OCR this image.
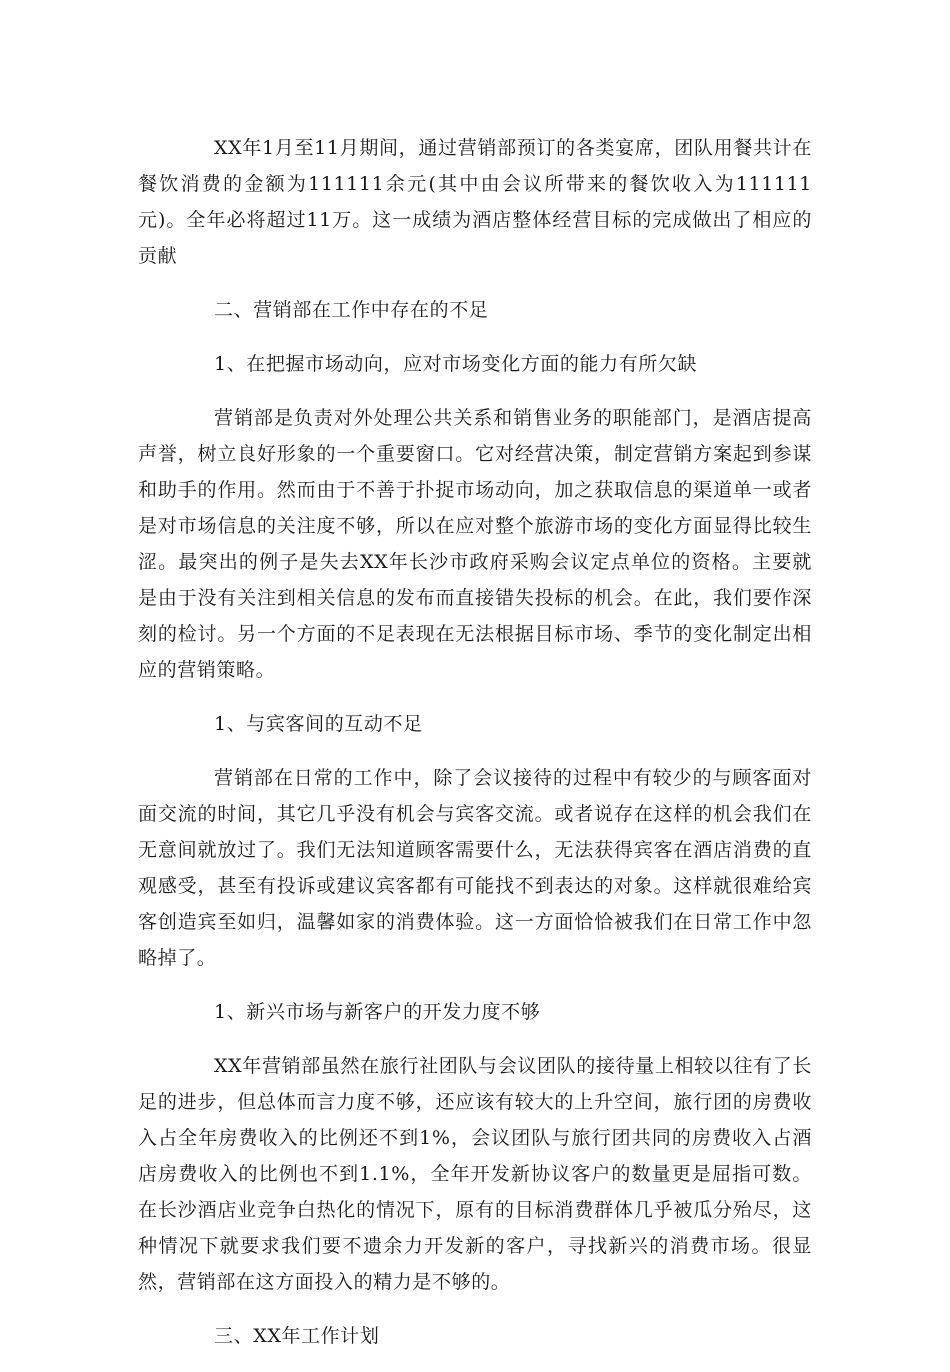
XX年1月至11月期间，通过营销部预订的各类宴席，团队用餐共计在餐饮消费的金额为111111余元(其中由会议所带来的餐饮收入为111111元)。全年必将超过11万。这一成绩为酒店整体经营目标的完成做出了相应的贡献

二、营销部在工作中存在的不足

1、在把握市场动向，应对市场变化方面的能力有所欠缺

营销部是负责对外处理公共关系和销售业务的职能部门，是酒店提高声誉，树立良好形象的一个重要窗口。它对经营决策，制定营销方案起到参谋和助手的作用。然而由于不善于扑捉市场动向，加之获取信息的渠道单一或者是对市场信息的关注度不够，所以在应对整个旅游市场的变化方面显得比较生涩。最突出的例子是失去XX年长沙市政府采购会议定点单位的资格。主要就是由于没有关注到相关信息的发布而直接错失投标的机会。在此，我们要作深刻的检讨。另一个方面的不足表现在无法根据目标市场、季节的变化制定出相应的营销策略。

1、与宾客间的互动不足

营销部在日常的工作中，除了会议接待的过程中有较少的与顾客面对面交流的时间，其它几乎没有机会与宾客交流。或者说存在这样的机会我们在无意间就放过了。我们无法知道顾客需要什么，无法获得宾客在酒店消费的直观感受，甚至有投诉或建议宾客都有可能找不到表达的对象。这样就很难给宾客创造宾至如归，温馨如家的消费体验。这一方面恰恰被我们在日常工作中忽略掉了。

1、新兴市场与新客户的开发力度不够

XX年营销部虽然在旅行社团队与会议团队的接待量上相较以往有了长足的进步，但总体而言力度不够，还应该有较大的上升空间，旅行团的房费收入占全年房费收入的比例还不到1%，会议团队与旅行团共同的房费收入占酒店房费收入的比例也不到1.1%，全年开发新协议客户的数量更是屈指可数。在长沙酒店业竞争白热化的情况下，原有的目标消费群体几乎被瓜分殆尽，这种情况下就要求我们要不遗余力开发新的客户，寻找新兴的消费市场。很显然，营销部在这方面投入的精力是不够的。

三、XX年工作计划
